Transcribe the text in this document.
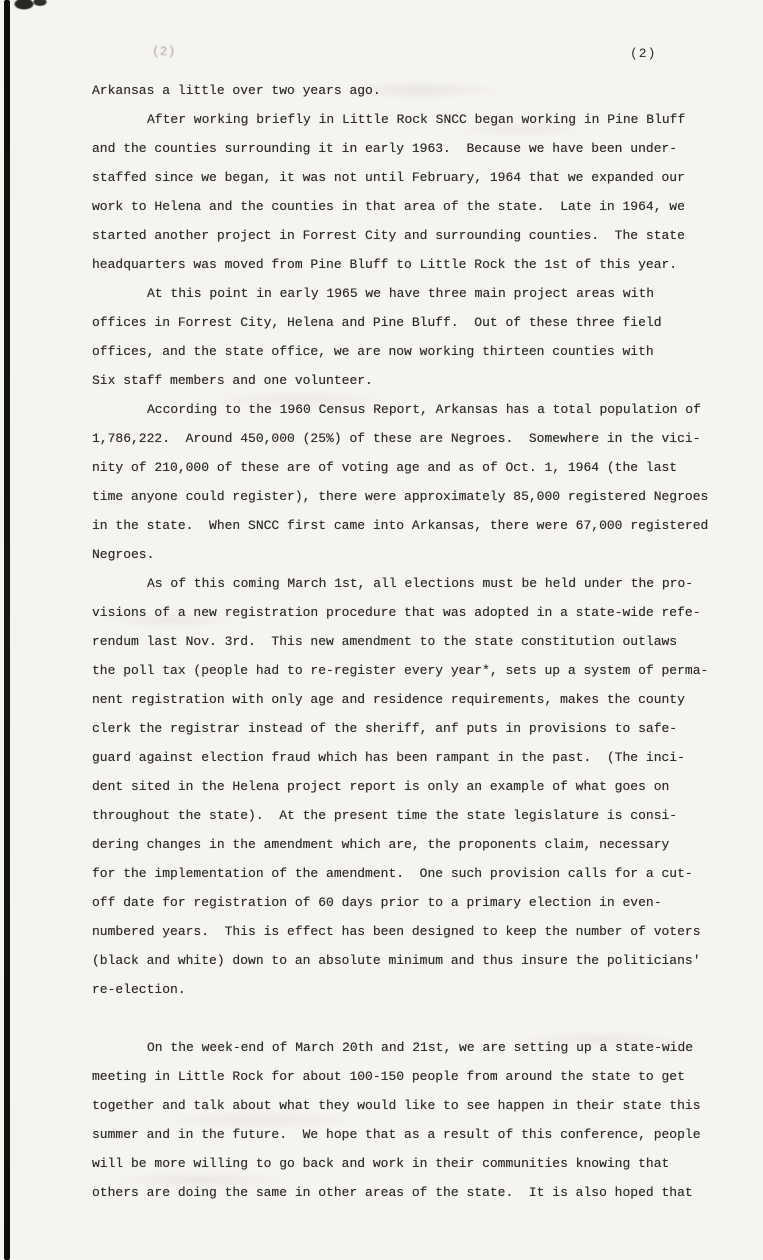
(2)	(2)
Arkansas a little over two years ago.
After working briefly in Little Rock SNCC began working in Pine Bluff
and the counties surrounding it in early 1963.  Because we have been under-
staffed since we began, it was not until February, 1964 that we expanded our
work to Helena and the counties in that area of the state.  Late in 1964, we
started another project in Forrest City and surrounding counties.  The state
headquarters was moved from Pine Bluff to Little Rock the 1st of this year.
At this point in early 1965 we have three main project areas with
offices in Forrest City, Helena and Pine Bluff.  Out of these three field
offices, and the state office, we are now working thirteen counties with
Six staff members and one volunteer.
According to the 1960 Census Report, Arkansas has a total population of
1,786,222.  Around 450,000 (25%) of these are Negroes.  Somewhere in the vici-
nity of 210,000 of these are of voting age and as of Oct. 1, 1964 (the last
time anyone could register), there were approximately 85,000 registered Negroes
in the state.  When SNCC first came into Arkansas, there were 67,000 registered
Negroes.
As of this coming March 1st, all elections must be held under the pro-
visions of a new registration procedure that was adopted in a state-wide refe-
rendum last Nov. 3rd.  This new amendment to the state constitution outlaws
the poll tax (people had to re-register every year*, sets up a system of perma-
nent registration with only age and residence requirements, makes the county
clerk the registrar instead of the sheriff, anf puts in provisions to safe-
guard against election fraud which has been rampant in the past.  (The inci-
dent sited in the Helena project report is only an example of what goes on
throughout the state).  At the present time the state legislature is consi-
dering changes in the amendment which are, the proponents claim, necessary
for the implementation of the amendment.  One such provision calls for a cut-
off date for registration of 60 days prior to a primary election in even-
numbered years.  This is effect has been designed to keep the number of voters
(black and white) down to an absolute minimum and thus insure the politicians'
re-election.

On the week-end of March 20th and 21st, we are setting up a state-wide
meeting in Little Rock for about 100-150 people from around the state to get
together and talk about what they would like to see happen in their state this
summer and in the future.  We hope that as a result of this conference, people
will be more willing to go back and work in their communities knowing that
others are doing the same in other areas of the state.  It is also hoped that
